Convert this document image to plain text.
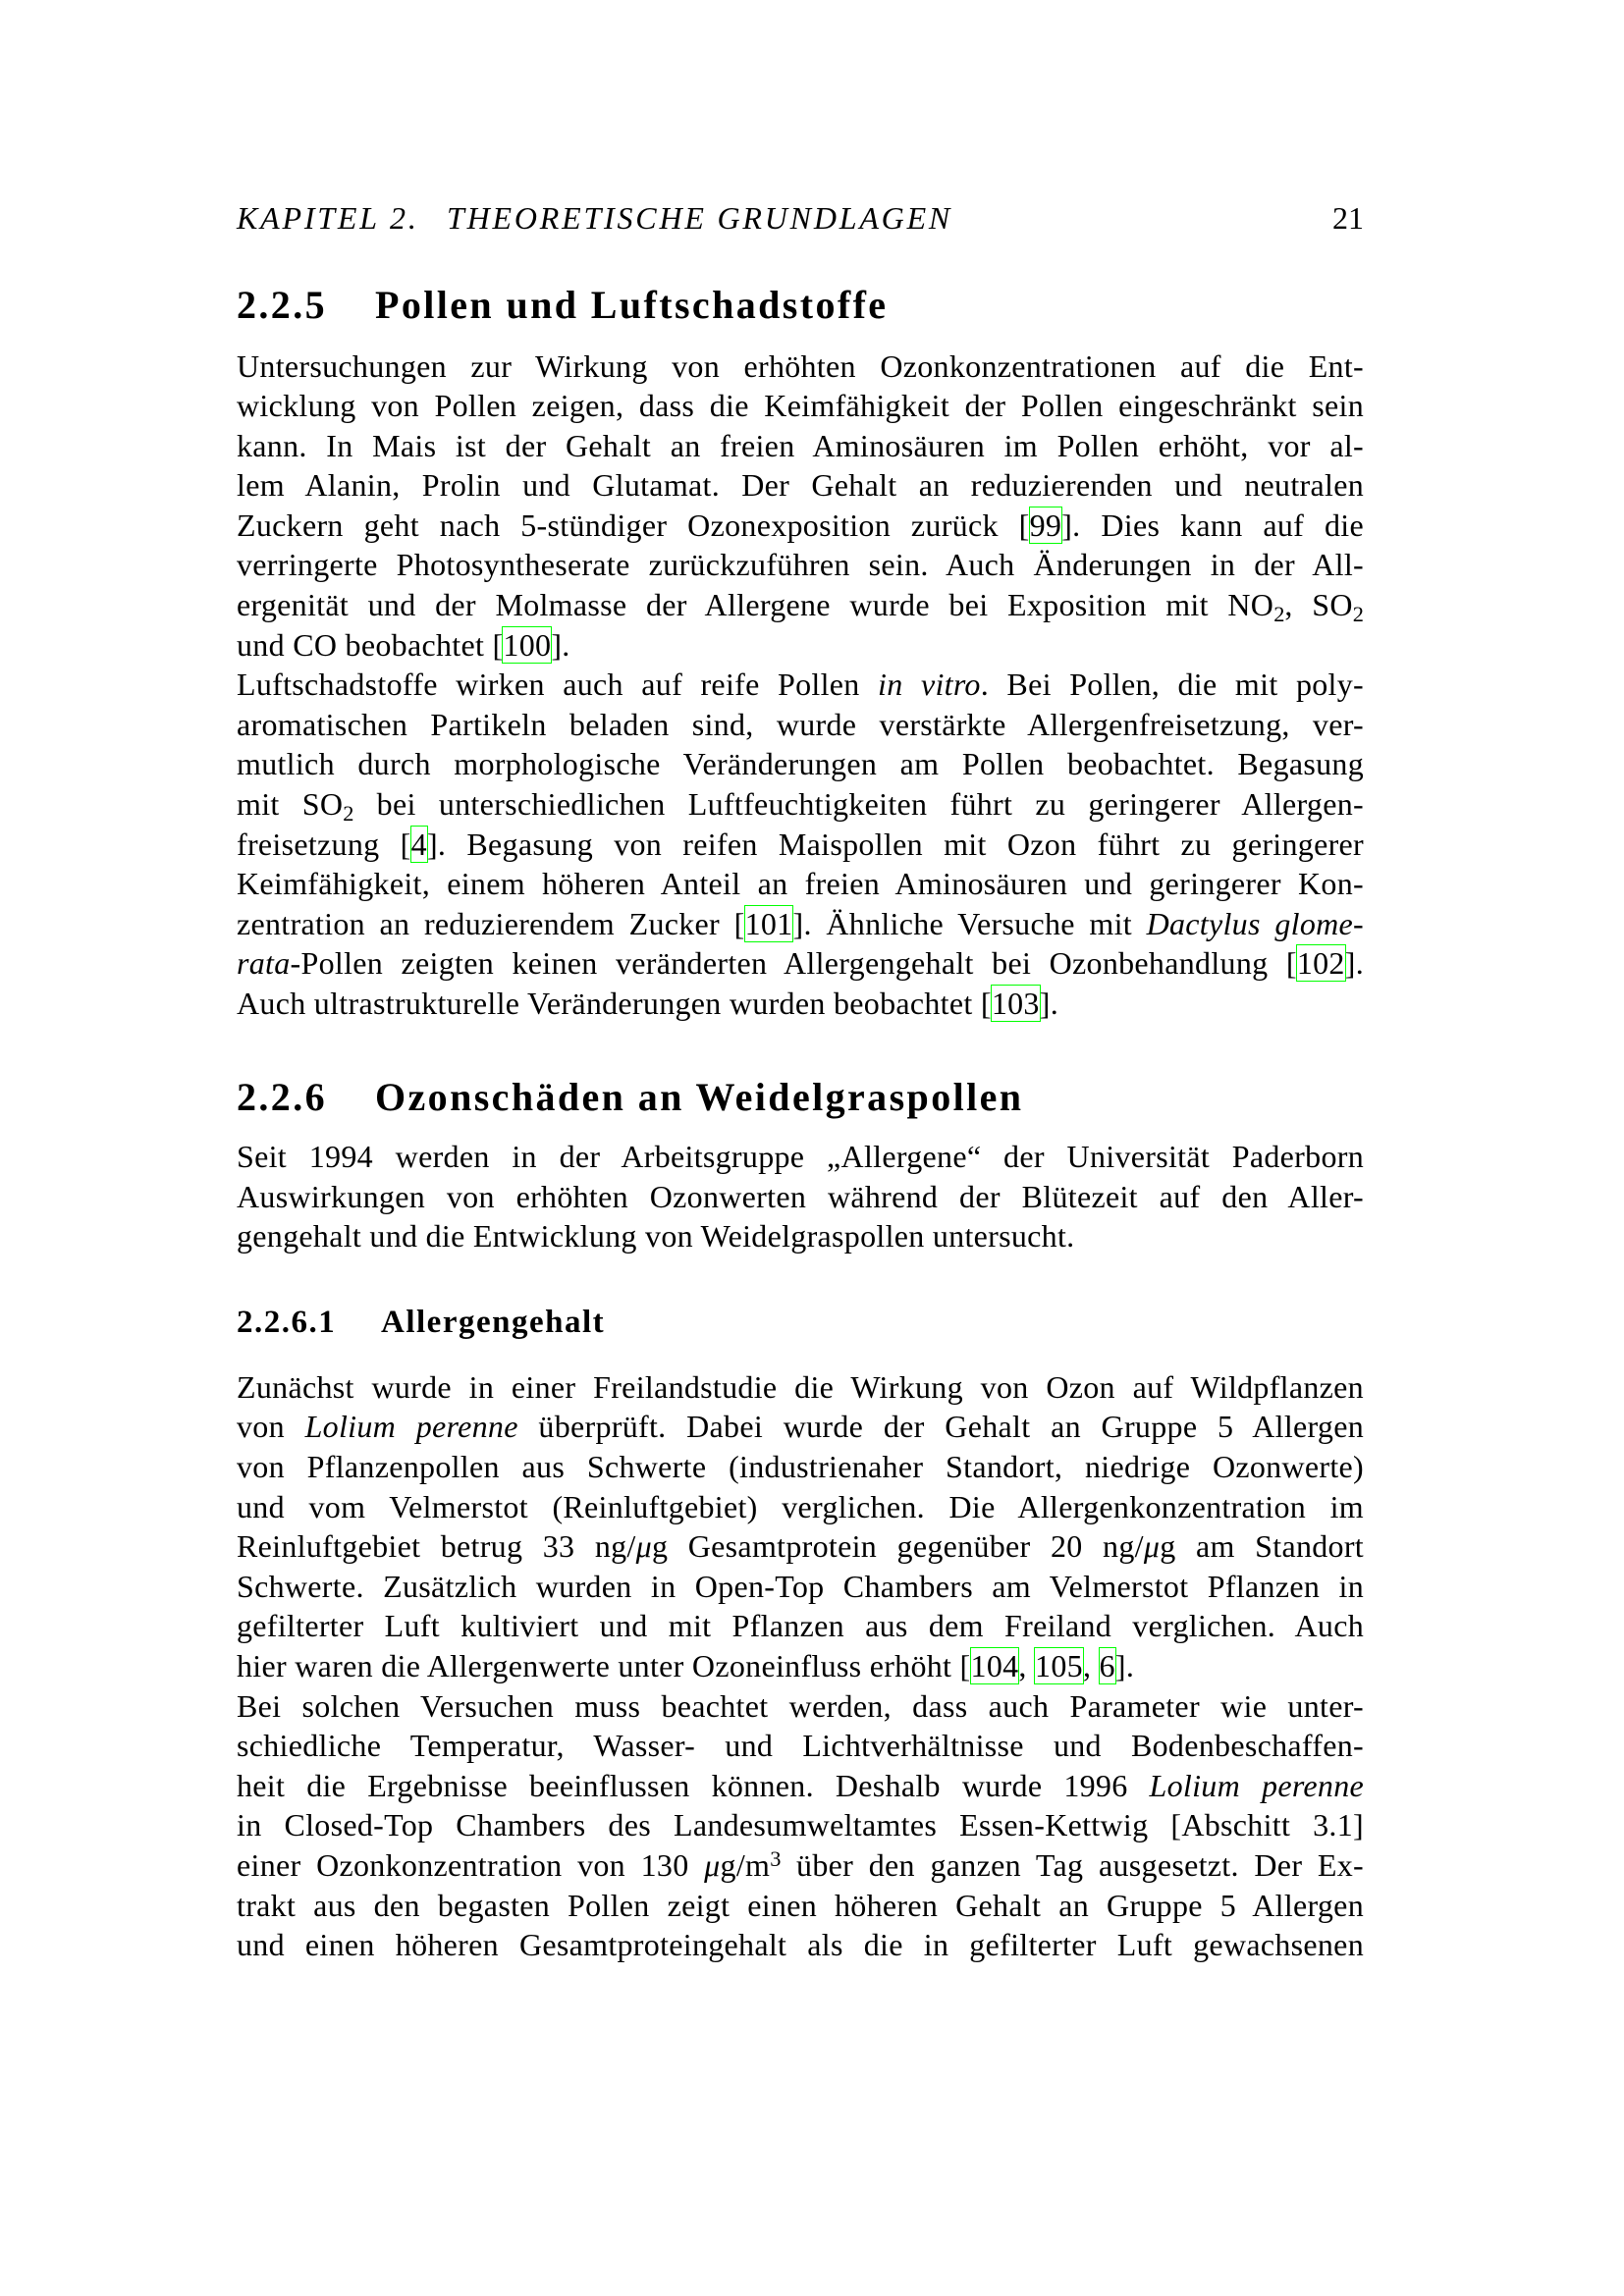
KAPITEL 2. THEORETISCHE GRUNDLAGEN	21
2.2.5 Pollen und Luftschadstoffe
Untersuchungen zur Wirkung von erhöhten Ozonkonzentrationen auf die Ent-
wicklung von Pollen zeigen, dass die Keimfähigkeit der Pollen eingeschränkt sein
kann. In Mais ist der Gehalt an freien Aminosäuren im Pollen erhöht, vor al-
lem Alanin, Prolin und Glutamat. Der Gehalt an reduzierenden und neutralen
Zuckern geht nach 5-stündiger Ozonexposition zurück [99]. Dies kann auf die
verringerte Photosyntheserate zurückzuführen sein. Auch Änderungen in der All-
ergenität und der Molmasse der Allergene wurde bei Exposition mit NO2, SO2
und CO beobachtet [100].
Luftschadstoffe wirken auch auf reife Pollen in vitro. Bei Pollen, die mit poly-
aromatischen Partikeln beladen sind, wurde verstärkte Allergenfreisetzung, ver-
mutlich durch morphologische Veränderungen am Pollen beobachtet. Begasung
mit SO2 bei unterschiedlichen Luftfeuchtigkeiten führt zu geringerer Allergen-
freisetzung [4]. Begasung von reifen Maispollen mit Ozon führt zu geringerer
Keimfähigkeit, einem höheren Anteil an freien Aminosäuren und geringerer Kon-
zentration an reduzierendem Zucker [101]. Ähnliche Versuche mit Dactylus glome-
rata-Pollen zeigten keinen veränderten Allergengehalt bei Ozonbehandlung [102].
Auch ultrastrukturelle Veränderungen wurden beobachtet [103].
2.2.6 Ozonschäden an Weidelgraspollen
Seit 1994 werden in der Arbeitsgruppe „Allergene“ der Universität Paderborn
Auswirkungen von erhöhten Ozonwerten während der Blütezeit auf den Aller-
gengehalt und die Entwicklung von Weidelgraspollen untersucht.
2.2.6.1 Allergengehalt
Zunächst wurde in einer Freilandstudie die Wirkung von Ozon auf Wildpflanzen
von Lolium perenne überprüft. Dabei wurde der Gehalt an Gruppe 5 Allergen
von Pflanzenpollen aus Schwerte (industrienaher Standort, niedrige Ozonwerte)
und vom Velmerstot (Reinluftgebiet) verglichen. Die Allergenkonzentration im
Reinluftgebiet betrug 33 ng/μg Gesamtprotein gegenüber 20 ng/μg am Standort
Schwerte. Zusätzlich wurden in Open-Top Chambers am Velmerstot Pflanzen in
gefilterter Luft kultiviert und mit Pflanzen aus dem Freiland verglichen. Auch
hier waren die Allergenwerte unter Ozoneinfluss erhöht [104, 105, 6].
Bei solchen Versuchen muss beachtet werden, dass auch Parameter wie unter-
schiedliche Temperatur, Wasser- und Lichtverhältnisse und Bodenbeschaffen-
heit die Ergebnisse beeinflussen können. Deshalb wurde 1996 Lolium perenne
in Closed-Top Chambers des Landesumweltamtes Essen-Kettwig [Abschitt 3.1]
einer Ozonkonzentration von 130 $\mu g/m^3$ über den ganzen Tag ausgesetzt. Der Ex-
trakt aus den begasten Pollen zeigt einen höheren Gehalt an Gruppe 5 Allergen
und einen höheren Gesamtproteingehalt als die in gefilterter Luft gewachsenen
